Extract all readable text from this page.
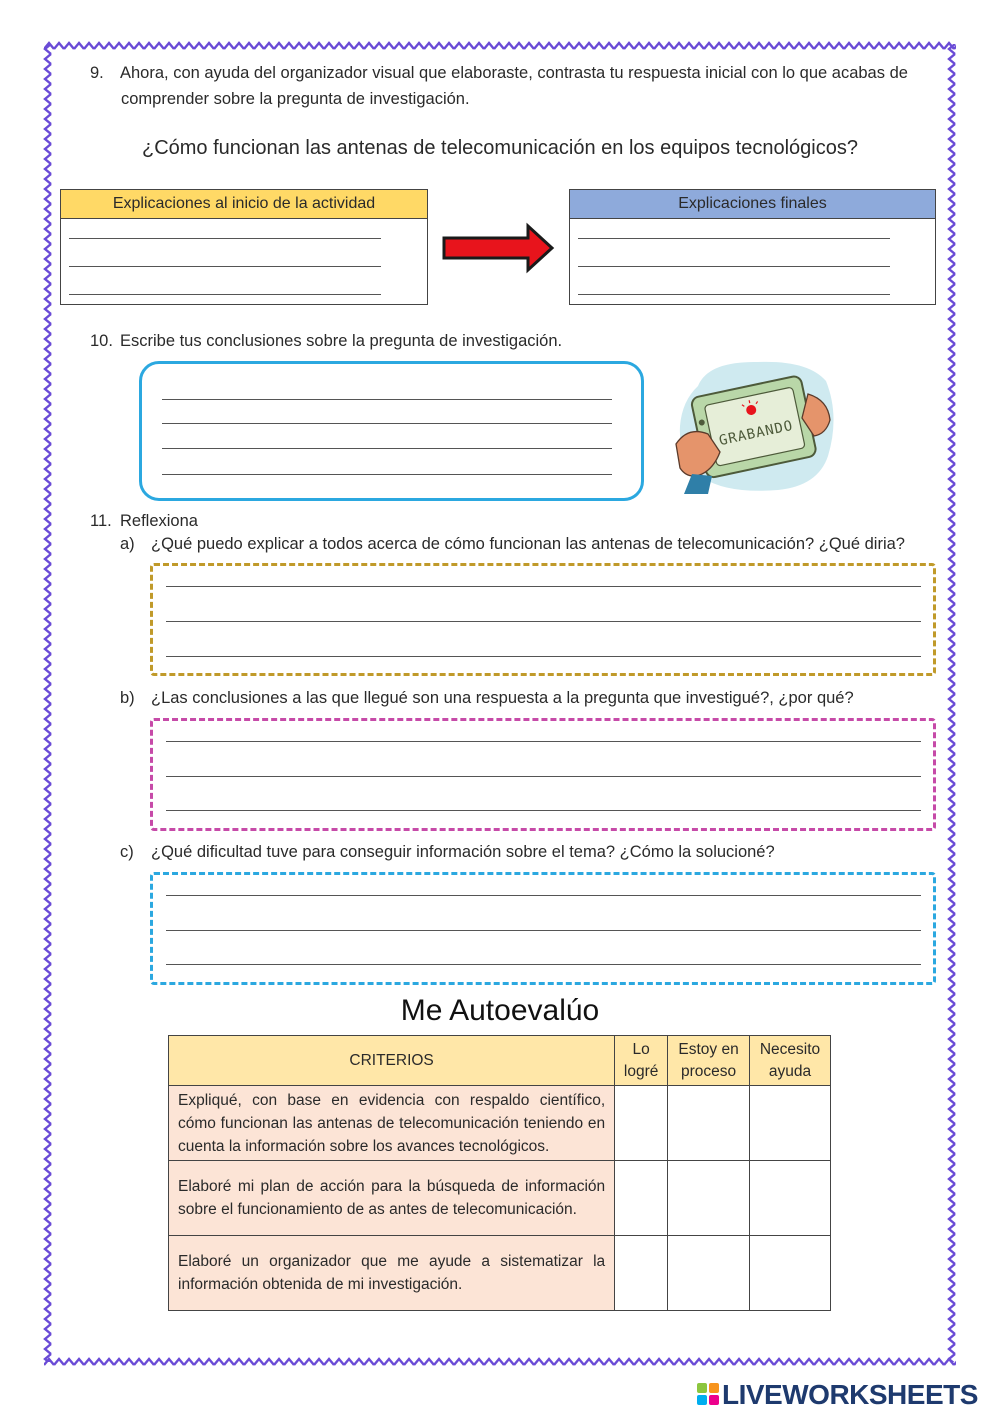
9. Ahora, con ayuda del organizador visual que elaboraste, contrasta tu respuesta inicial con lo que acabas de
comprender sobre la pregunta de investigación.
¿Cómo funcionan las antenas de telecomunicación en los equipos tecnológicos?
Explicaciones al inicio de la actividad	Explicaciones finales
10. Escribe tus conclusiones sobre la pregunta de investigación.
GRABANDO
11. Reflexiona
a) ¿Qué puedo explicar a todos acerca de cómo funcionan las antenas de telecomunicación? ¿Qué diria?
b) ¿Las conclusiones a las que llegué son una respuesta a la pregunta que investigué?, ¿por qué?
c) ¿Qué dificultad tuve para conseguir información sobre el tema? ¿Cómo la solucioné?
Me Autoevalúo
CRITERIOS	Lo logré	Estoy en proceso	Necesito ayuda
Expliqué, con base en evidencia con respaldo científico, cómo funcionan las antenas de telecomunicación teniendo en cuenta la información sobre los avances tecnológicos.			
Elaboré mi plan de acción para la búsqueda de información sobre el funcionamiento de as antes de telecomunicación.			
Elaboré un organizador que me ayude a sistematizar la información obtenida de mi investigación.			
LIVEWORKSHEETS
